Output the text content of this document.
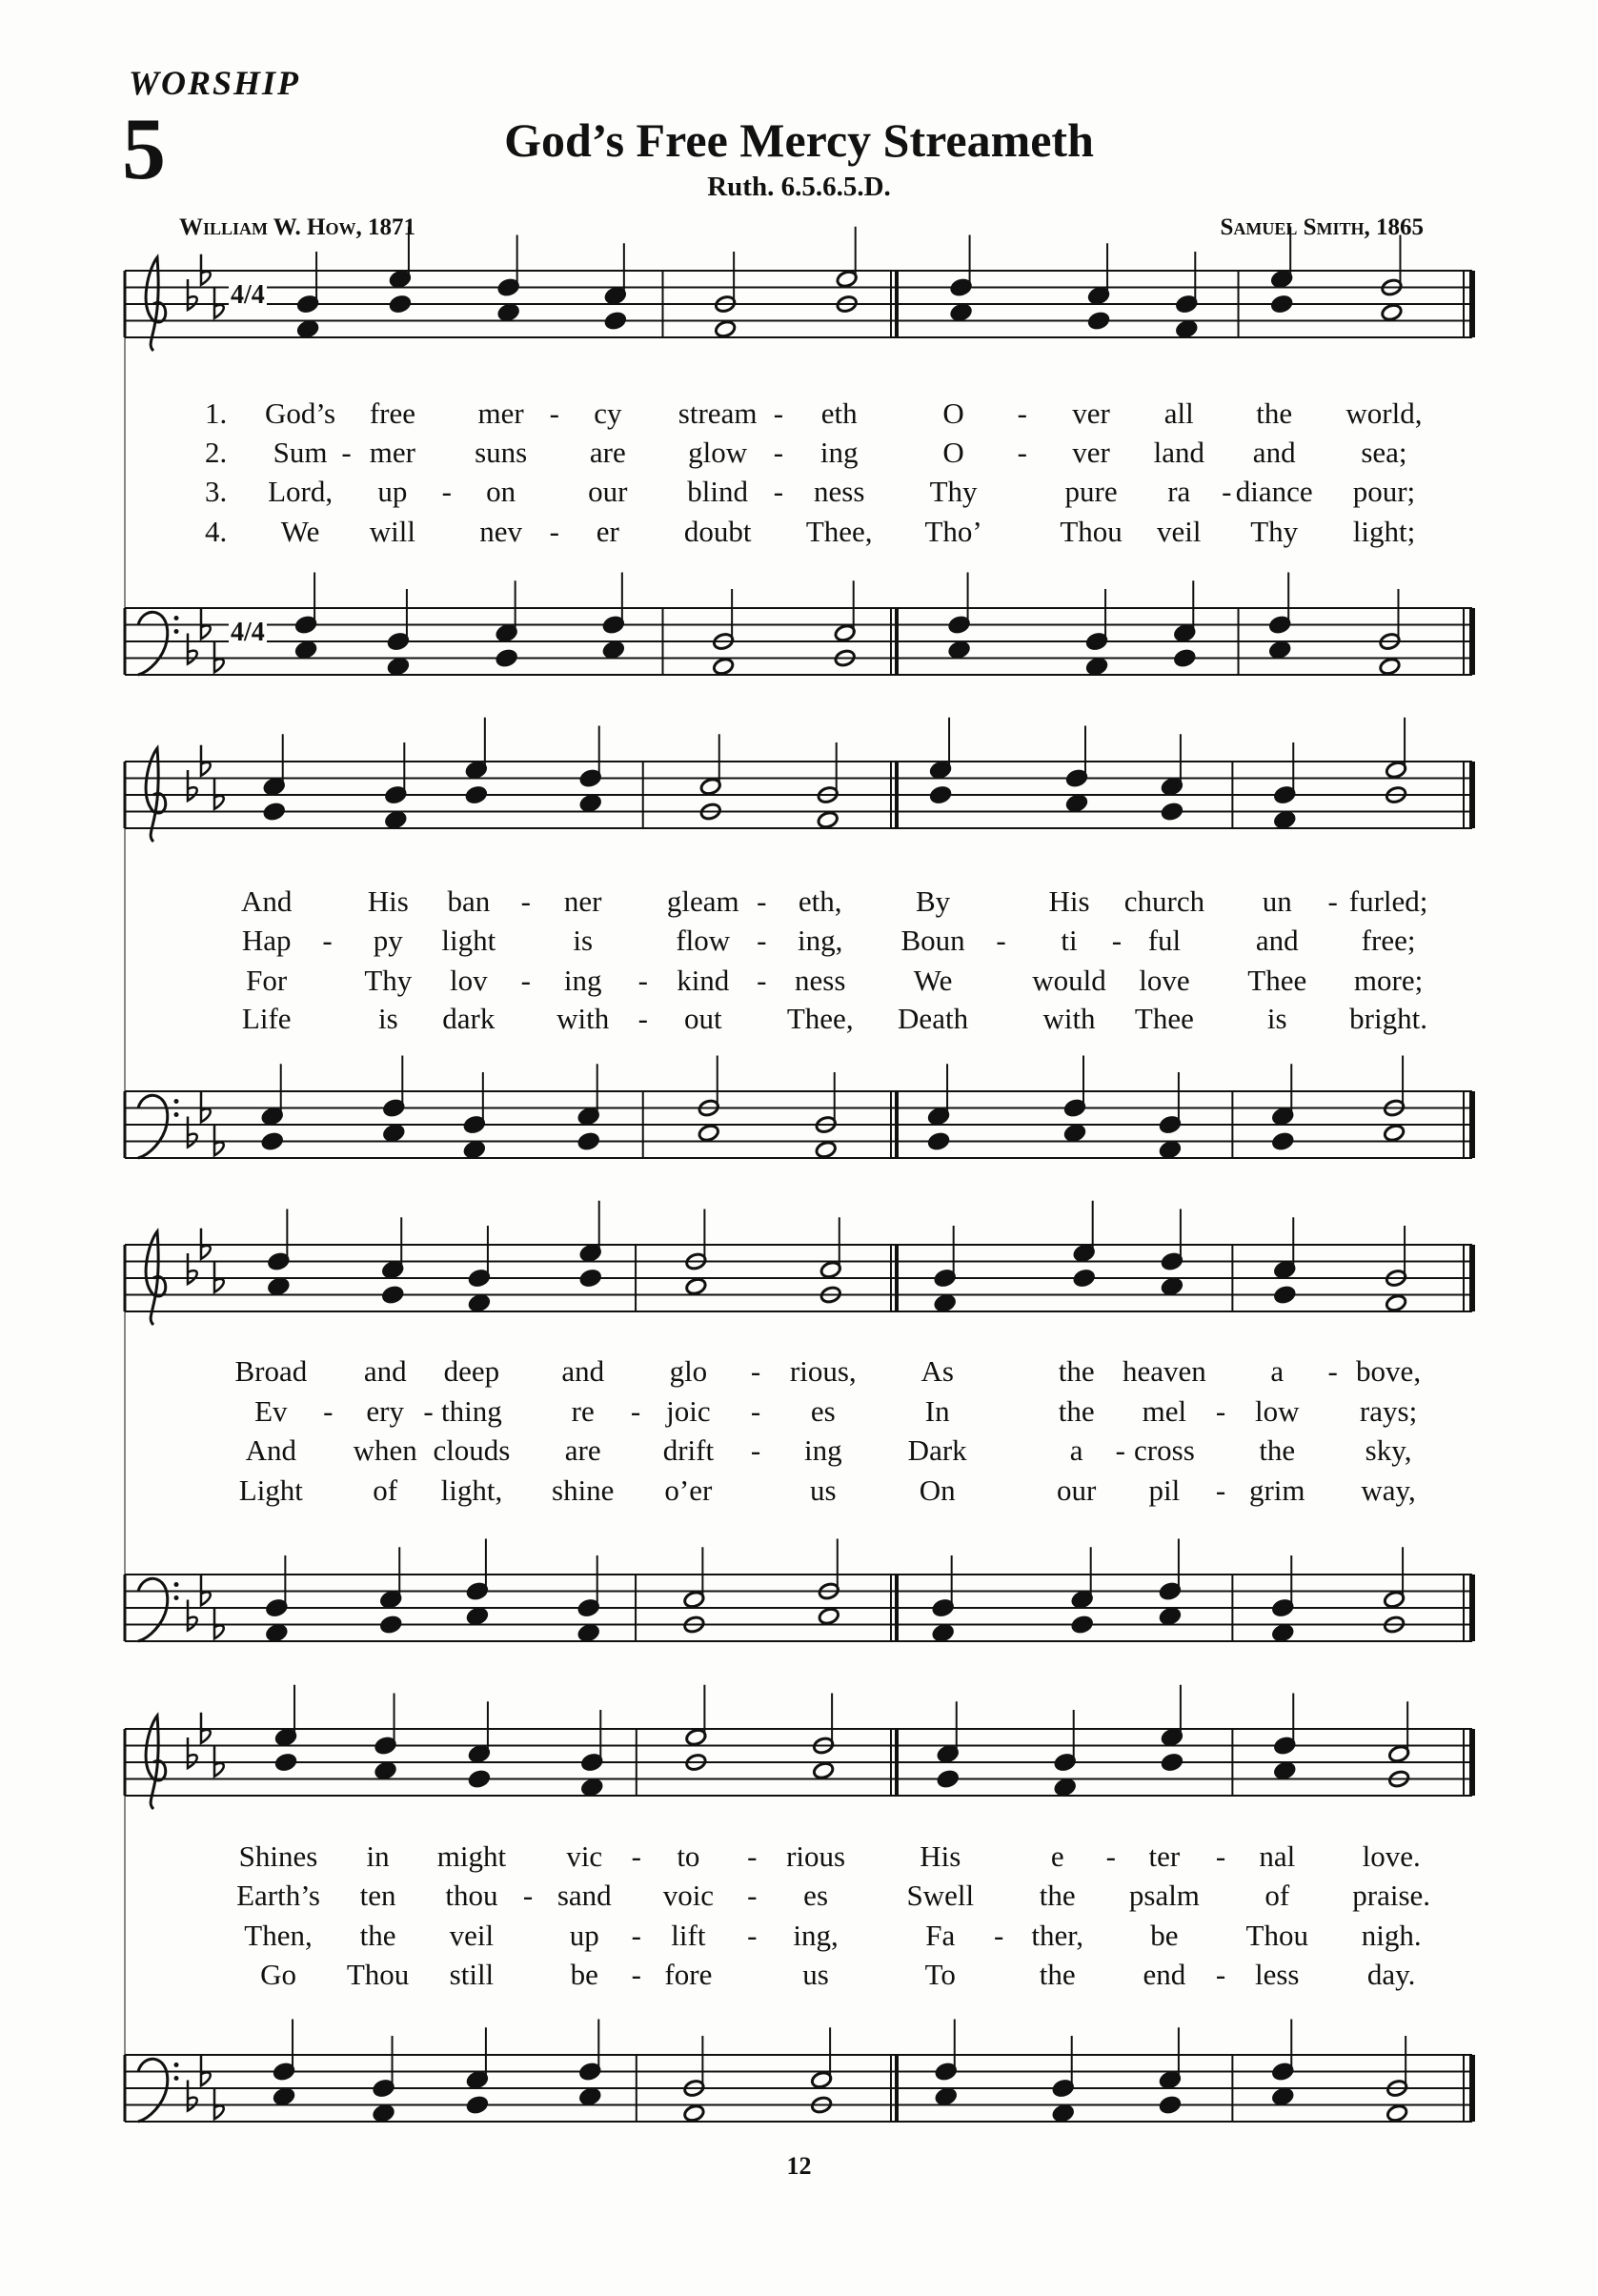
WORSHIP
5	God’s Free Mercy Streameth
Ruth. 6.5.6.5.D.
William W. How, 1871	Samuel Smith, 1865
1. God’s free mer - cy stream - eth	O - ver all the world,
2. Sum - mer suns are glow - ing	O - ver land and sea;
3. Lord, up - on our blind - ness Thy	pure ra - diance pour;
4. We will nev - er doubt Thee, Tho’	Thou veil Thy light;
And	His ban - ner gleam - eth, By	His church un - furled;
Hap - py light	is	flow - ing, Boun - ti - ful	and free;
For	Thy lov - ing - kind - ness We	would love Thee more;
Life	is dark with - out Thee, Death	with Thee is bright.
Broad and deep and glo - rious, As	the heaven a - bove,
Ev - ery - thing re - joic - es	In	the mel - low rays;
And when clouds are drift - ing Dark	a - cross the sky,
Light of light, shine o’er	us	On	our pil - grim way,
Shines in might vic - to - rious	His	e - ter - nal love.
Earth’s ten thou - sand voic - es	Swell the psalm of praise.
Then, the veil	up - lift - ing,	Fa - ther, be Thou nigh.
Go Thou still	be - fore	us	To	the end - less day.
4/4
4/4
12
